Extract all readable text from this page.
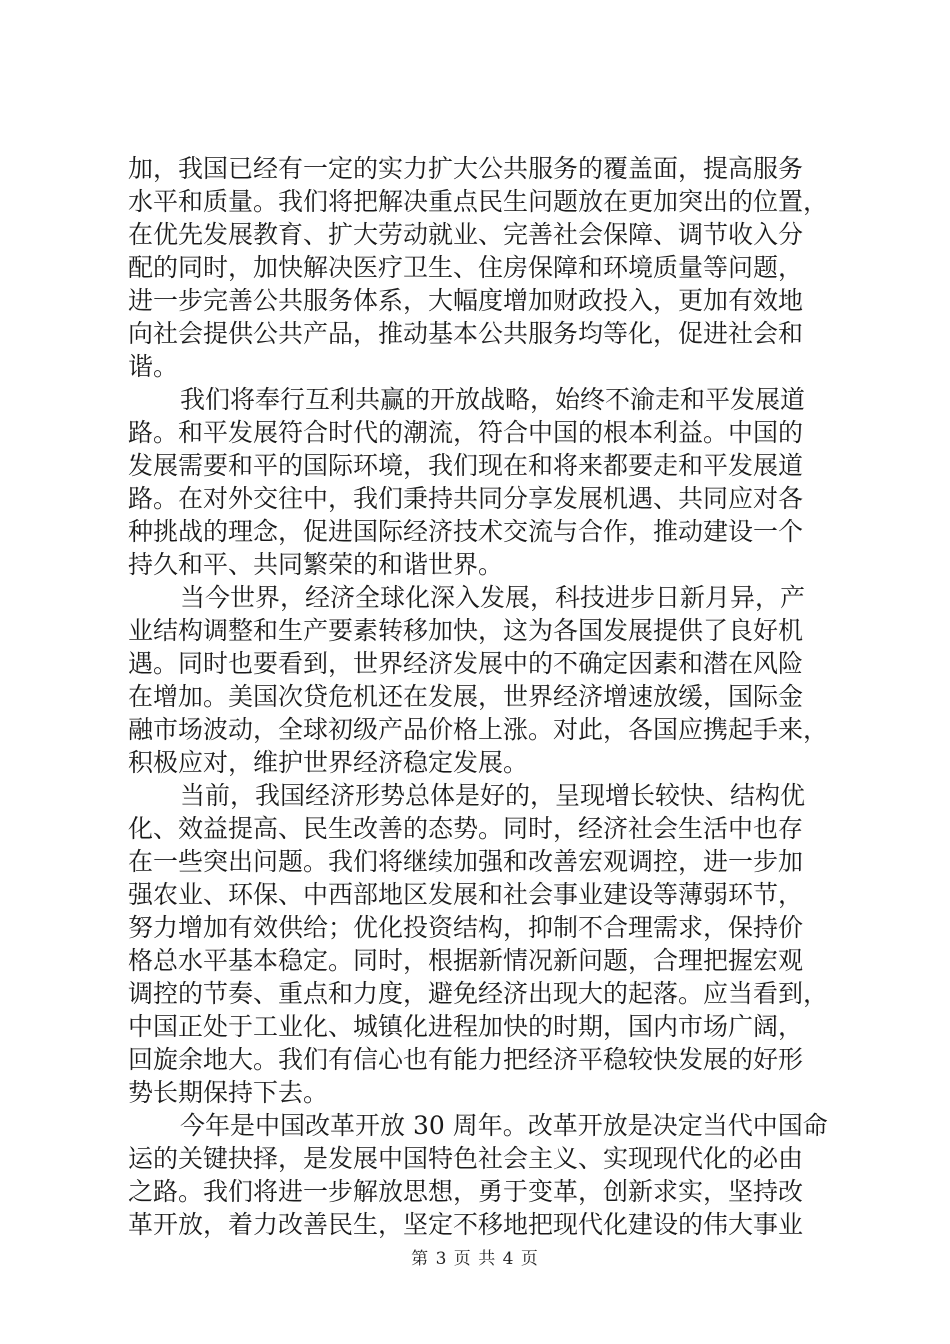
加，我国已经有一定的实力扩大公共服务的覆盖面，提高服务
水平和质量。我们将把解决重点民生问题放在更加突出的位置，
在优先发展教育、扩大劳动就业、完善社会保障、调节收入分
配的同时，加快解决医疗卫生、住房保障和环境质量等问题，
进一步完善公共服务体系，大幅度增加财政投入，更加有效地
向社会提供公共产品，推动基本公共服务均等化，促进社会和
谐。
我们将奉行互利共赢的开放战略，始终不渝走和平发展道
路。和平发展符合时代的潮流，符合中国的根本利益。中国的
发展需要和平的国际环境，我们现在和将来都要走和平发展道
路。在对外交往中，我们秉持共同分享发展机遇、共同应对各
种挑战的理念，促进国际经济技术交流与合作，推动建设一个
持久和平、共同繁荣的和谐世界。
当今世界，经济全球化深入发展，科技进步日新月异，产
业结构调整和生产要素转移加快，这为各国发展提供了良好机
遇。同时也要看到，世界经济发展中的不确定因素和潜在风险
在增加。美国次贷危机还在发展，世界经济增速放缓，国际金
融市场波动，全球初级产品价格上涨。对此，各国应携起手来，
积极应对，维护世界经济稳定发展。
当前，我国经济形势总体是好的，呈现增长较快、结构优
化、效益提高、民生改善的态势。同时，经济社会生活中也存
在一些突出问题。我们将继续加强和改善宏观调控，进一步加
强农业、环保、中西部地区发展和社会事业建设等薄弱环节，
努力增加有效供给；优化投资结构，抑制不合理需求，保持价
格总水平基本稳定。同时，根据新情况新问题，合理把握宏观
调控的节奏、重点和力度，避免经济出现大的起落。应当看到，
中国正处于工业化、城镇化进程加快的时期，国内市场广阔，
回旋余地大。我们有信心也有能力把经济平稳较快发展的好形
势长期保持下去。
今年是中国改革开放 30 周年。改革开放是决定当代中国命
运的关键抉择，是发展中国特色社会主义、实现现代化的必由
之路。我们将进一步解放思想，勇于变革，创新求实，坚持改
革开放，着力改善民生，坚定不移地把现代化建设的伟大事业
第 3 页 共 4 页
